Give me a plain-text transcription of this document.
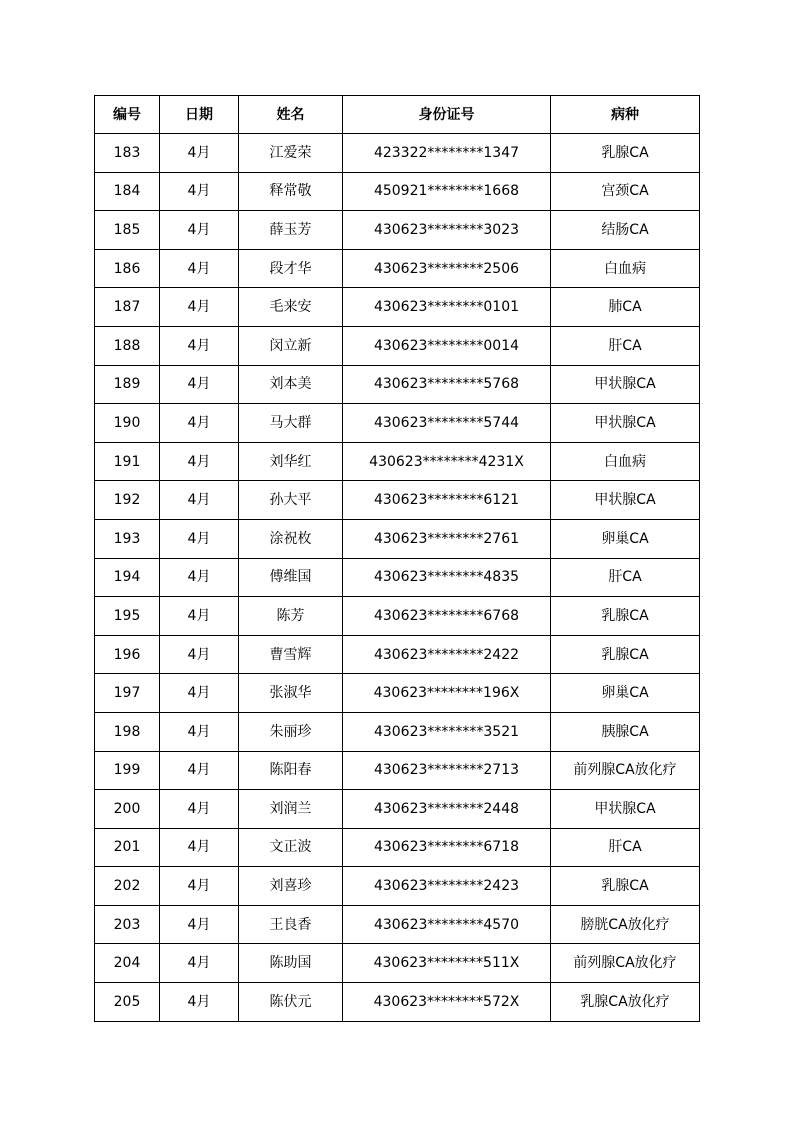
编号	日期	姓名	身份证号	病种
183	4月	江爱荣	423322********1347	乳腺CA
184	4月	释常敬	450921********1668	宫颈CA
185	4月	薛玉芳	430623********3023	结肠CA
186	4月	段才华	430623********2506	白血病
187	4月	毛来安	430623********0101	肺CA
188	4月	闵立新	430623********0014	肝CA
189	4月	刘本美	430623********5768	甲状腺CA
190	4月	马大群	430623********5744	甲状腺CA
191	4月	刘华红	430623********4231X	白血病
192	4月	孙大平	430623********6121	甲状腺CA
193	4月	涂祝枚	430623********2761	卵巢CA
194	4月	傅维国	430623********4835	肝CA
195	4月	陈芳	430623********6768	乳腺CA
196	4月	曹雪辉	430623********2422	乳腺CA
197	4月	张淑华	430623********196X	卵巢CA
198	4月	朱丽珍	430623********3521	胰腺CA
199	4月	陈阳春	430623********2713	前列腺CA放化疗
200	4月	刘润兰	430623********2448	甲状腺CA
201	4月	文正波	430623********6718	肝CA
202	4月	刘喜珍	430623********2423	乳腺CA
203	4月	王良香	430623********4570	膀胱CA放化疗
204	4月	陈助国	430623********511X	前列腺CA放化疗
205	4月	陈伏元	430623********572X	乳腺CA放化疗
